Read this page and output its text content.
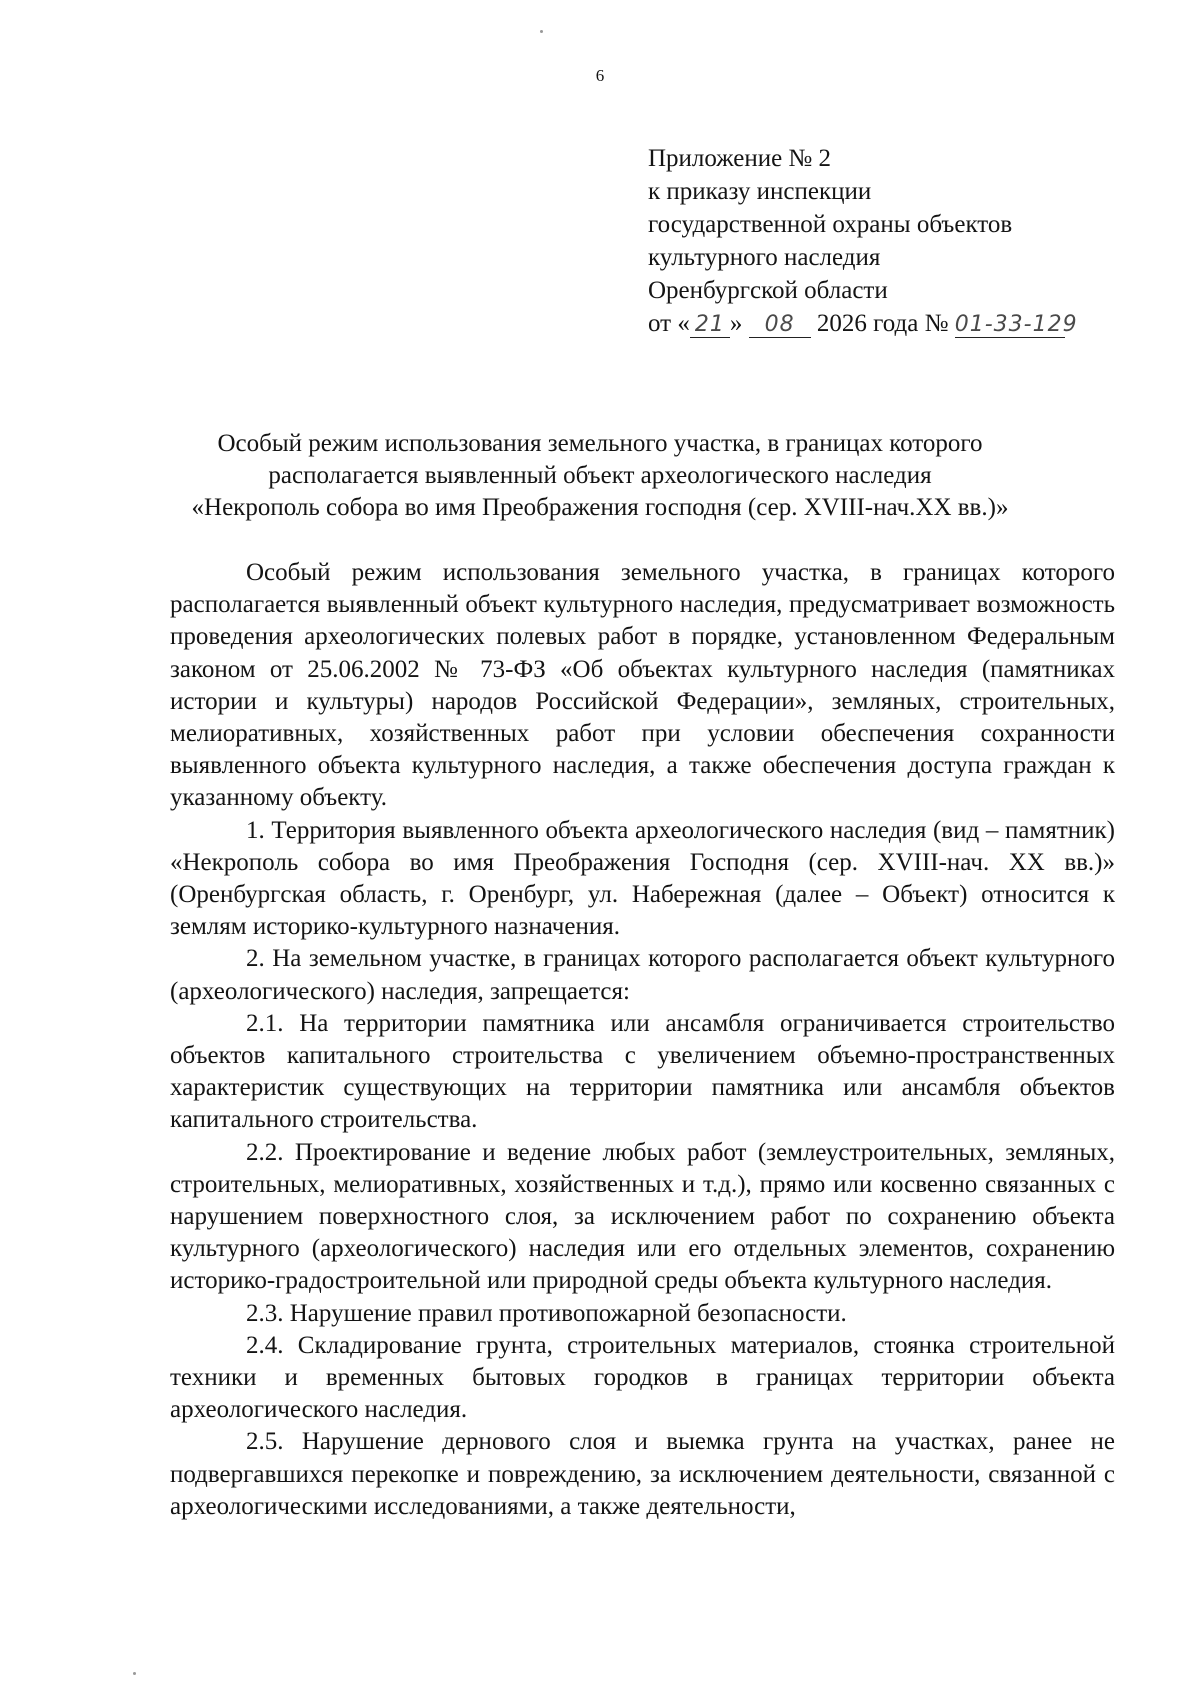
6
Приложение № 2
к приказу инспекции
государственной охраны объектов
культурного наследия
Оренбургской области
от « 21 » 08 2026 года № 01-33-129
Особый режим использования земельного участка, в границах которого
располагается выявленный объект археологического наследия
«Некрополь собора во имя Преображения господня (сер. XVIII-нач.XX вв.)»

Особый режим использования земельного участка, в границах которого располагается выявленный объект культурного наследия, предусматривает возможность проведения археологических полевых работ в порядке, установленном Федеральным законом от 25.06.2002 № 73-ФЗ «Об объектах культурного наследия (памятниках истории и культуры) народов Российской Федерации», земляных, строительных, мелиоративных, хозяйственных работ при условии обеспечения сохранности выявленного объекта культурного наследия, а также обеспечения доступа граждан к указанному объекту.

1. Территория выявленного объекта археологического наследия (вид – памятник) «Некрополь собора во имя Преображения Господня (сер. XVIII-нач. XX вв.)» (Оренбургская область, г. Оренбург, ул. Набережная (далее – Объект) относится к землям историко-культурного назначения.

2. На земельном участке, в границах которого располагается объект культурного (археологического) наследия, запрещается:

2.1. На территории памятника или ансамбля ограничивается строительство объектов капитального строительства с увеличением объемно-пространственных характеристик существующих на территории памятника или ансамбля объектов капитального строительства.

2.2. Проектирование и ведение любых работ (землеустроительных, земляных, строительных, мелиоративных, хозяйственных и т.д.), прямо или косвенно связанных с нарушением поверхностного слоя, за исключением работ по сохранению объекта культурного (археологического) наследия или его отдельных элементов, сохранению историко-градостроительной или природной среды объекта культурного наследия.

2.3. Нарушение правил противопожарной безопасности.

2.4. Складирование грунта, строительных материалов, стоянка строительной техники и временных бытовых городков в границах территории объекта археологического наследия.

2.5. Нарушение дернового слоя и выемка грунта на участках, ранее не подвергавшихся перекопке и повреждению, за исключением деятельности, связанной с археологическими исследованиями, а также деятельности,
